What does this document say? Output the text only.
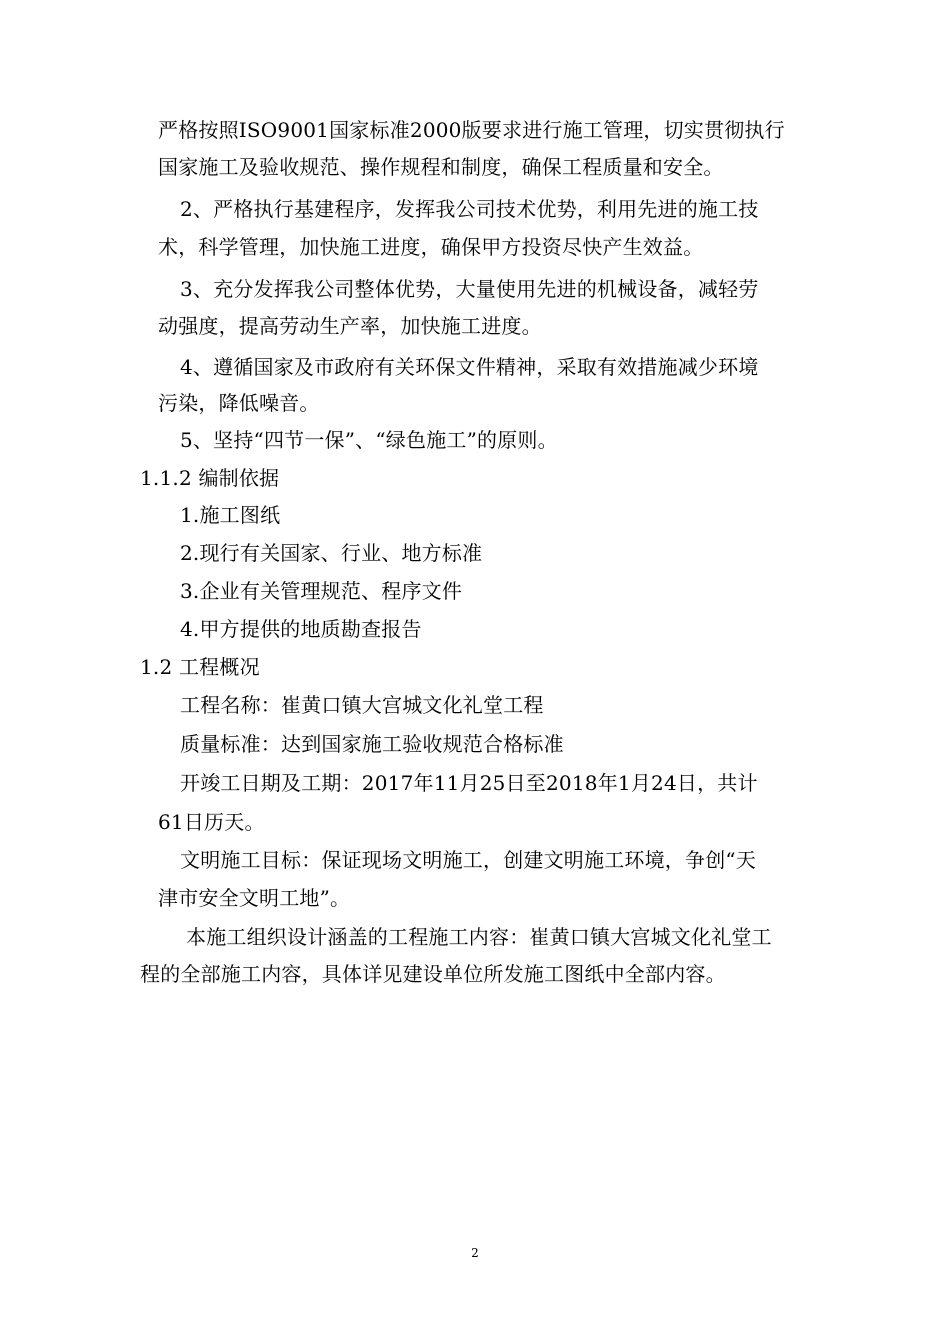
严格按照ISO9001国家标准2000版要求进行施工管理，切实贯彻执行
国家施工及验收规范、操作规程和制度，确保工程质量和安全。
2、严格执行基建程序，发挥我公司技术优势，利用先进的施工技
术，科学管理，加快施工进度，确保甲方投资尽快产生效益。
3、充分发挥我公司整体优势，大量使用先进的机械设备，减轻劳
动强度，提高劳动生产率，加快施工进度。
4、遵循国家及市政府有关环保文件精神，采取有效措施减少环境
污染，降低噪音。
5、坚持“四节一保”、“绿色施工”的原则。
1.1.2 编制依据
1.施工图纸
2.现行有关国家、行业、地方标准
3.企业有关管理规范、程序文件
4.甲方提供的地质勘查报告
1.2 工程概况
工程名称：崔黄口镇大宫城文化礼堂工程
质量标准：达到国家施工验收规范合格标准
开竣工日期及工期：2017年11月25日至2018年1月24日，共计
61日历天。
文明施工目标：保证现场文明施工，创建文明施工环境，争创“天
津市安全文明工地”。
本施工组织设计涵盖的工程施工内容：崔黄口镇大宫城文化礼堂工
程的全部施工内容，具体详见建设单位所发施工图纸中全部内容。
2
